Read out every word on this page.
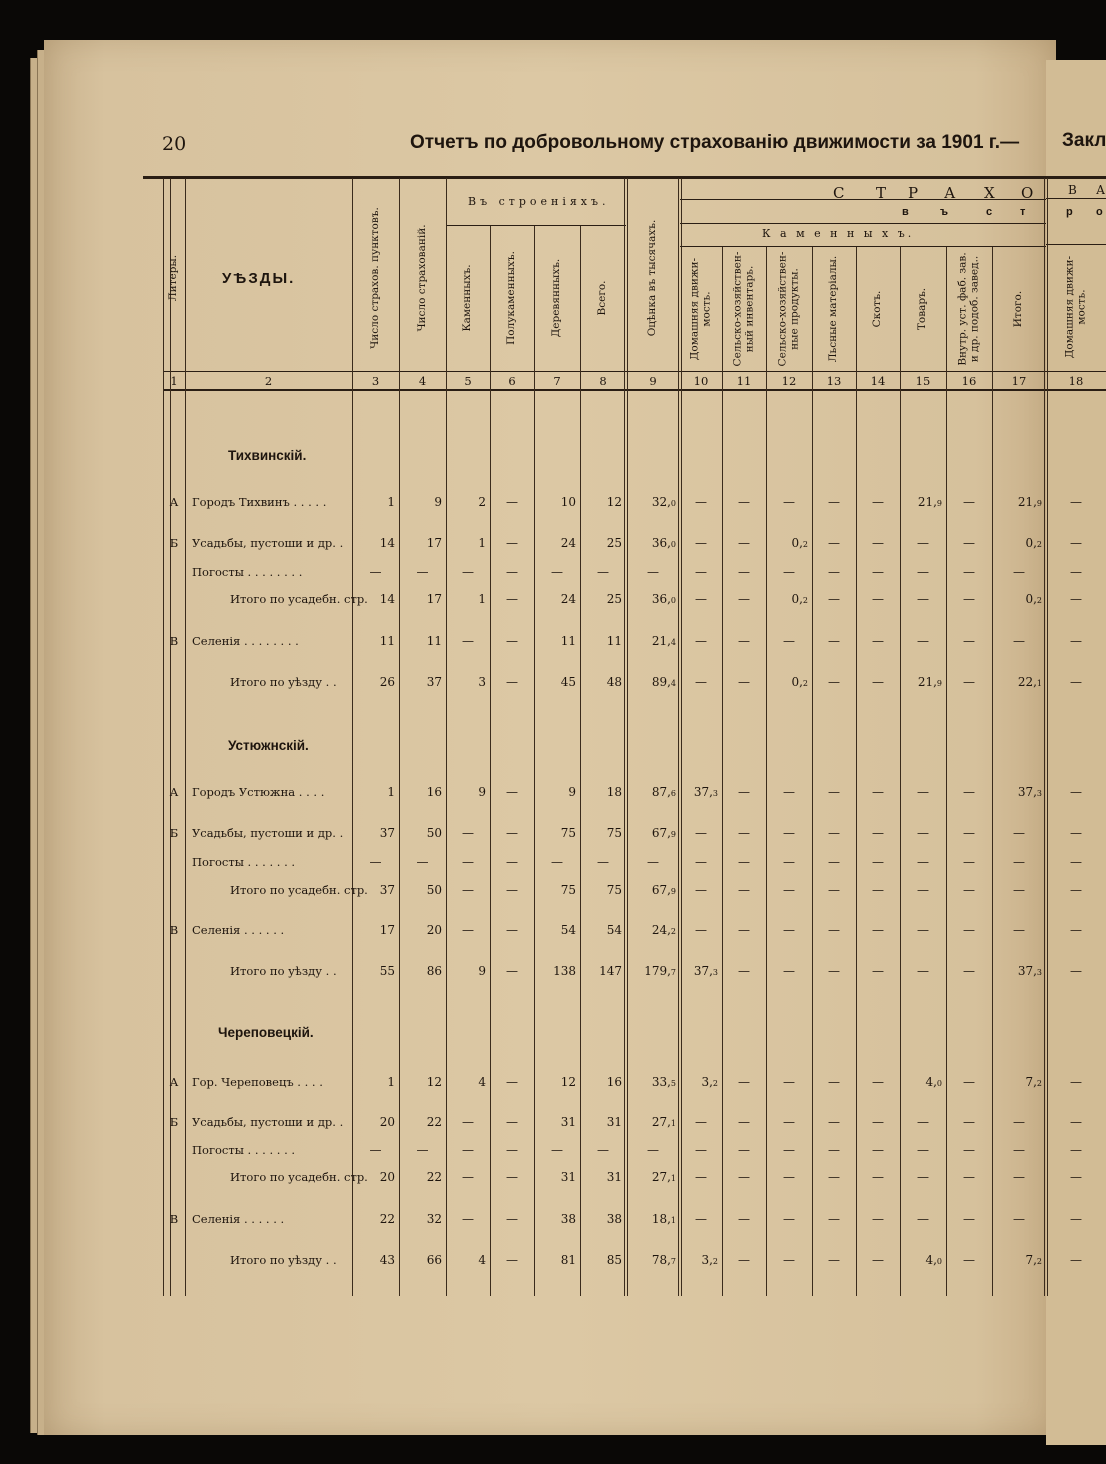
20	Отчетъ по добровольному страхованію движимости за 1901 г.— Закл
Въ строеніяхъ.	С Т Р А Х О
в	ъ	с	т
К а м е н н ы х ъ.
В А
р о
Литеры.	УѢЗДЫ.	Число страхов. пунктовъ.	Число страхованій.	Каменныхъ.	Полукаменныхъ.	Деревянныхъ.	Всего.	Оцѣнка въ тысячахъ.	Домашняя движи-
мость. Сельско-хозяйствен-
ный инвентарь. Сельско-хозяйствен-
ные продукты.	Льсные матеріалы.	Скотъ.	Товаръ.	Внутр. уст. фаб. зав.
и др. подоб. завед..	Итого.	Домашняя движи-
мость.
1	2	3	4	5	6	7	8	9	10	11	12	13	14	15	16	17	18
Тихвинскій.
А	Городъ Тихвинъ . . . . .	1	9	2	—	10	12	32,0	—	—	—	—	—	21,9	—	21,9	—
Б	Усадьбы, пустоши и др. .	14	17	1	—	24	25	36,0	—	—	0,2	—	—	—	—	0,2	—
Погосты . . . . . . . .	—	—	—	—	—	—	—	—	—	—	—	—	—	—	—	—
Итого по усадебн. стр. 14	17	1	—	24	25	36,0	—	—	0,2	—	—	—	—	0,2	—
В	Селенія . . . . . . . .	11	11	—	—	11	11	21,4	—	—	—	—	—	—	—	—	—
Итого по уѣзду . .	26	37	3	—	45	48	89,4	—	—	0,2	—	—	21,9	—	22,1	—
Устюжнскій.
А	Городъ Устюжна . . . .	1	16	9	—	9	18	87,6	37,3	—	—	—	—	—	—	37,3	—
Б	Усадьбы, пустоши и др. .	37	50	—	—	75	75	67,9	—	—	—	—	—	—	—	—	—
Погосты . . . . . . .	—	—	—	—	—	—	—	—	—	—	—	—	—	—	—	—
Итого по усадебн. стр. 37	50	—	—	75	75	67,9	—	—	—	—	—	—	—	—	—
В	Селенія . . . . . .	17	20	—	—	54	54	24,2	—	—	—	—	—	—	—	—	—
Итого по уѣзду . .	55	86	9	—	138	147	179,7	37,3	—	—	—	—	—	—	37,3	—
Череповецкій.
А	Гор. Череповецъ . . . .	1	12	4	—	12	16	33,5	3,2	—	—	—	—	4,0	—	7,2	—
Б	Усадьбы, пустоши и др. .	20	22	—	—	31	31	27,1	—	—	—	—	—	—	—	—	—
Погосты . . . . . . .	—	—	—	—	—	—	—	—	—	—	—	—	—	—	—	—
Итого по усадебн. стр. 20	22	—	—	31	31	27,1	—	—	—	—	—	—	—	—	—
В	Селенія . . . . . .	22	32	—	—	38	38	18,1	—	—	—	—	—	—	—	—	—
Итого по уѣзду . .	43	66	4	—	81	85	78,7	3,2	—	—	—	—	4,0	—	7,2	—
